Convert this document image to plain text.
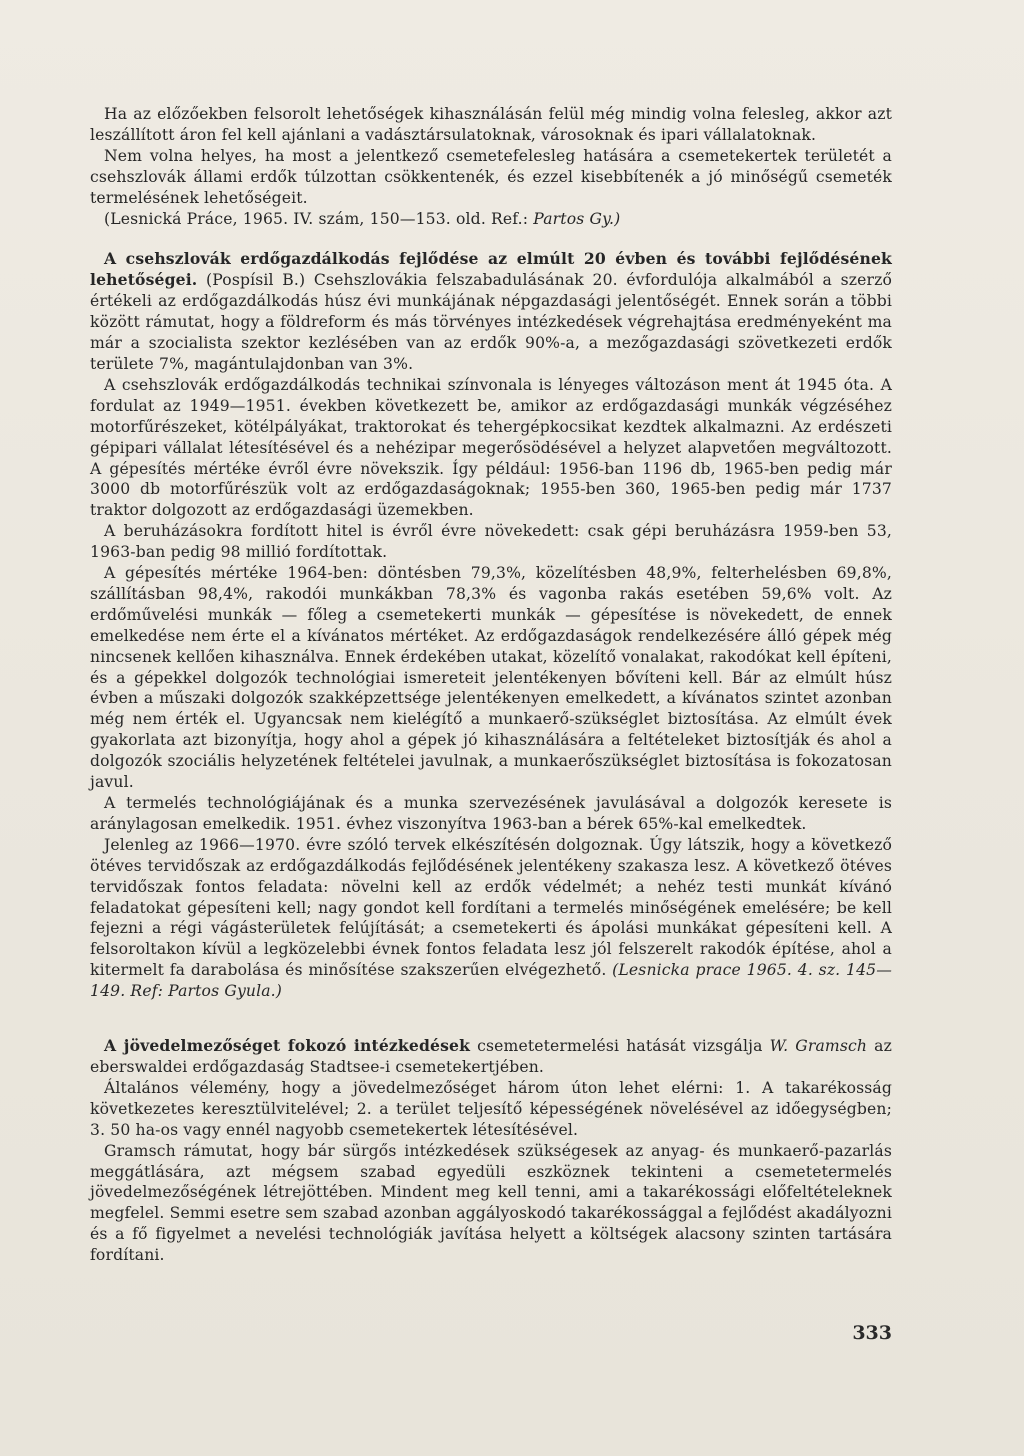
Ha az előzőekben felsorolt lehetőségek kihasználásán felül még mindig volna felesleg, akkor azt leszállított áron fel kell ajánlani a vadásztársulatoknak, városoknak és ipari vállalatoknak.

Nem volna helyes, ha most a jelentkező csemetefelesleg hatására a csemetekertek területét a csehszlovák állami erdők túlzottan csökkentenék, és ezzel kisebbítenék a jó minőségű csemeték termelésének lehetőségeit.

(Lesnická Práce, 1965. IV. szám, 150—153. old. Ref.: Partos Gy.)

A csehszlovák erdőgazdálkodás fejlődése az elmúlt 20 évben és további fejlődésének lehetőségei. (Pospísil B.) Csehszlovákia felszabadulásának 20. évfordulója alkalmából a szerző értékeli az erdőgazdálkodás húsz évi munkájának népgazdasági jelentőségét. Ennek során a többi között rámutat, hogy a földreform és más törvényes intézkedések végrehajtása eredményeként ma már a szocialista szektor kezlésében van az erdők 90%-a, a mezőgazdasági szövetkezeti erdők területe 7%, magántulajdonban van 3%.

A csehszlovák erdőgazdálkodás technikai színvonala is lényeges változáson ment át 1945 óta. A fordulat az 1949—1951. években következett be, amikor az erdőgazdasági munkák végzéséhez motorfűrészeket, kötélpályákat, traktorokat és tehergépkocsikat kezdtek alkalmazni. Az erdészeti gépipari vállalat létesítésével és a nehézipar megerősödésével a helyzet alapvetően megváltozott. A gépesítés mértéke évről évre növekszik. Így például: 1956-ban 1196 db, 1965-ben pedig már 3000 db motorfűrészük volt az erdőgazdaságoknak; 1955-ben 360, 1965-ben pedig már 1737 traktor dolgozott az erdőgazdasági üzemekben.

A beruházásokra fordított hitel is évről évre növekedett: csak gépi beruházásra 1959-ben 53, 1963-ban pedig 98 millió fordítottak.

A gépesítés mértéke 1964-ben: döntésben 79,3%, közelítésben 48,9%, felterhelésben 69,8%, szállításban 98,4%, rakodói munkákban 78,3% és vagonba rakás esetében 59,6% volt. Az erdőművelési munkák — főleg a csemetekerti munkák — gépesítése is növekedett, de ennek emelkedése nem érte el a kívánatos mértéket. Az erdőgazdaságok rendelkezésére álló gépek még nincsenek kellően kihasználva. Ennek érdekében utakat, közelítő vonalakat, rakodókat kell építeni, és a gépekkel dolgozók technológiai ismereteit jelentékenyen bővíteni kell. Bár az elmúlt húsz évben a műszaki dolgozók szakképzettsége jelentékenyen emelkedett, a kívánatos szintet azonban még nem érték el. Ugyancsak nem kielégítő a munkaerő-szükséglet biztosítása. Az elmúlt évek gyakorlata azt bizonyítja, hogy ahol a gépek jó kihasználására a feltételeket biztosítják és ahol a dolgozók szociális helyzetének feltételei javulnak, a munkaerőszükséglet biztosítása is fokozatosan javul.

A termelés technológiájának és a munka szervezésének javulásával a dolgozók keresete is aránylagosan emelkedik. 1951. évhez viszonyítva 1963-ban a bérek 65%-kal emelkedtek.

Jelenleg az 1966—1970. évre szóló tervek elkészítésén dolgoznak. Úgy látszik, hogy a következő ötéves tervidőszak az erdőgazdálkodás fejlődésének jelentékeny szakasza lesz. A következő ötéves tervidőszak fontos feladata: növelni kell az erdők védelmét; a nehéz testi munkát kívánó feladatokat gépesíteni kell; nagy gondot kell fordítani a termelés minőségének emelésére; be kell fejezni a régi vágásterületek felújítását; a csemetekerti és ápolási munkákat gépesíteni kell. A felsoroltakon kívül a legközelebbi évnek fontos feladata lesz jól felszerelt rakodók építése, ahol a kitermelt fa darabolása és minősítése szakszerűen elvégezhető. (Lesnicka prace 1965. 4. sz. 145—149. Ref: Partos Gyula.)

A jövedelmezőséget fokozó intézkedések csemetetermelési hatását vizsgálja W. Gramsch az eberswaldei erdőgazdaság Stadtsee-i csemetekertjében.

Általános vélemény, hogy a jövedelmezőséget három úton lehet elérni: 1. A takarékosság következetes keresztülvitelével; 2. a terület teljesítő képességének növelésével az időegységben; 3. 50 ha-os vagy ennél nagyobb csemetekertek létesítésével.

Gramsch rámutat, hogy bár sürgős intézkedések szükségesek az anyag- és munkaerő-pazarlás meggátlására, azt mégsem szabad egyedüli eszköznek tekinteni a csemetetermelés jövedelmezőségének létrejöttében. Mindent meg kell tenni, ami a takarékossági előfeltételeknek megfelel. Semmi esetre sem szabad azonban aggályoskodó takarékossággal a fejlődést akadályozni és a fő figyelmet a nevelési technológiák javítása helyett a költségek alacsony szinten tartására fordítani.

333
